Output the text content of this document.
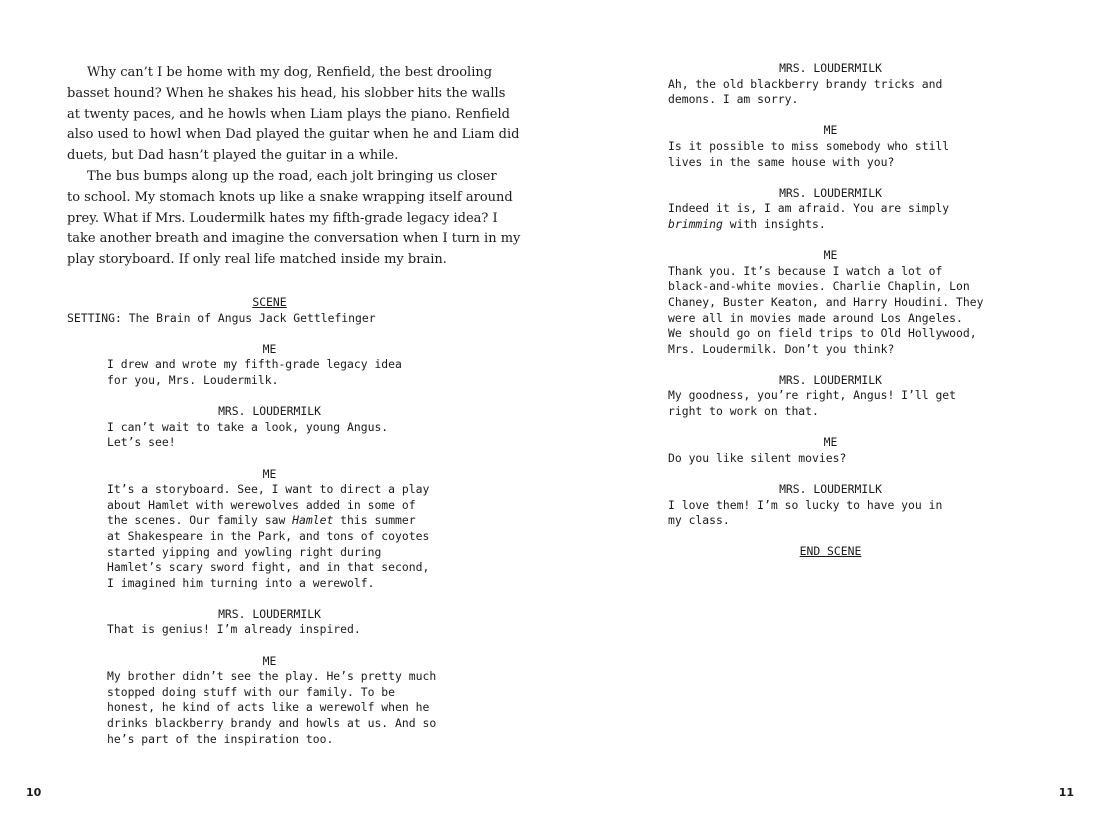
Why can’t I be home with my dog, Renfield, the best drooling
basset hound? When he shakes his head, his slobber hits the walls
at twenty paces, and he howls when Liam plays the piano. Renfield
also used to howl when Dad played the guitar when he and Liam did
duets, but Dad hasn’t played the guitar in a while.

The bus bumps along up the road, each jolt bringing us closer
to school. My stomach knots up like a snake wrapping itself around
prey. What if Mrs. Loudermilk hates my fifth-grade legacy idea? I
take another breath and imagine the conversation when I turn in my
play storyboard. If only real life matched inside my brain.

SCENE
SETTING: The Brain of Angus Jack Gettlefinger
ME
I drew and wrote my fifth-grade legacy idea
for you, Mrs. Loudermilk.
MRS. LOUDERMILK
I can’t wait to take a look, young Angus.
Let’s see!
ME
It’s a storyboard. See, I want to direct a play
about Hamlet with werewolves added in some of
the scenes. Our family saw Hamlet this summer
at Shakespeare in the Park, and tons of coyotes
started yipping and yowling right during
Hamlet’s scary sword fight, and in that second,
I imagined him turning into a werewolf.
MRS. LOUDERMILK
That is genius! I’m already inspired.
ME
My brother didn’t see the play. He’s pretty much
stopped doing stuff with our family. To be
honest, he kind of acts like a werewolf when he
drinks blackberry brandy and howls at us. And so
he’s part of the inspiration too.
10
MRS. LOUDERMILK
Ah, the old blackberry brandy tricks and
demons. I am sorry.
ME
Is it possible to miss somebody who still
lives in the same house with you?
MRS. LOUDERMILK
Indeed it is, I am afraid. You are simply
brimming with insights.
ME
Thank you. It’s because I watch a lot of
black-and-white movies. Charlie Chaplin, Lon
Chaney, Buster Keaton, and Harry Houdini. They
were all in movies made around Los Angeles.
We should go on field trips to Old Hollywood,
Mrs. Loudermilk. Don’t you think?
MRS. LOUDERMILK
My goodness, you’re right, Angus! I’ll get
right to work on that.
ME
Do you like silent movies?
MRS. LOUDERMILK
I love them! I’m so lucky to have you in
my class.
END SCENE
11
